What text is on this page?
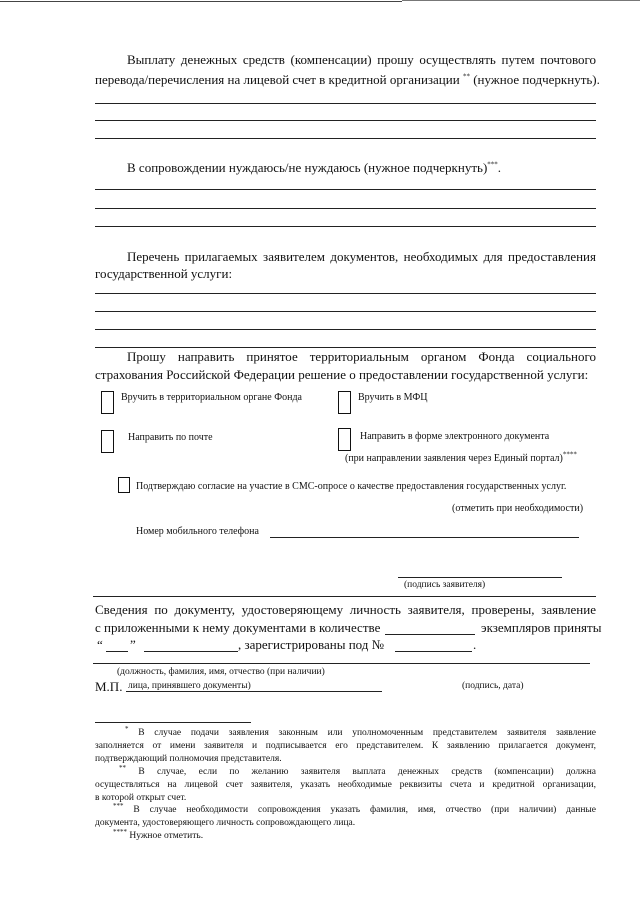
Выплату денежных средств (компенсации) прошу осуществлять путем почтового
перевода/перечисления на лицевой счет в кредитной организации ** (нужное подчеркнуть).
В сопровождении нуждаюсь/не нуждаюсь (нужное подчеркнуть)***.
Перечень прилагаемых заявителем документов, необходимых для предоставления
государственной услуги:
Прошу направить принятое территориальным органом Фонда социального
страхования Российской Федерации решение о предоставлении государственной услуги:
Вручить в территориальном органе Фонда	Вручить в МФЦ
Направить по почте	Направить в форме электронного документа
(при направлении заявления через Единый портал)****
Подтверждаю согласие на участие в СМС-опросе о качестве предоставления государственных услуг.
(отметить при необходимости)
Номер мобильного телефона
(подпись заявителя)
Сведения по документу, удостоверяющему личность заявителя, проверены, заявление
с приложенными к нему документами в количестве	экземпляров приняты
“ ”	, зарегистрированы под №	.
(должность, фамилия, имя, отчество (при наличии)
М.П. лица, принявшего документы)	(подпись, дата)
* В случае подачи заявления законным или уполномоченным представителем заявителя заявление
заполняется от имени заявителя и подписывается его представителем. К заявлению прилагается документ,
подтверждающий полномочия представителя.
** В случае, если по желанию заявителя выплата денежных средств (компенсации) должна
осуществляться на лицевой счет заявителя, указать необходимые реквизиты счета и кредитной организации,
в которой открыт счет.
*** В случае необходимости сопровождения указать фамилия, имя, отчество (при наличии) данные
документа, удостоверяющего личность сопровождающего лица.
**** Нужное отметить.
